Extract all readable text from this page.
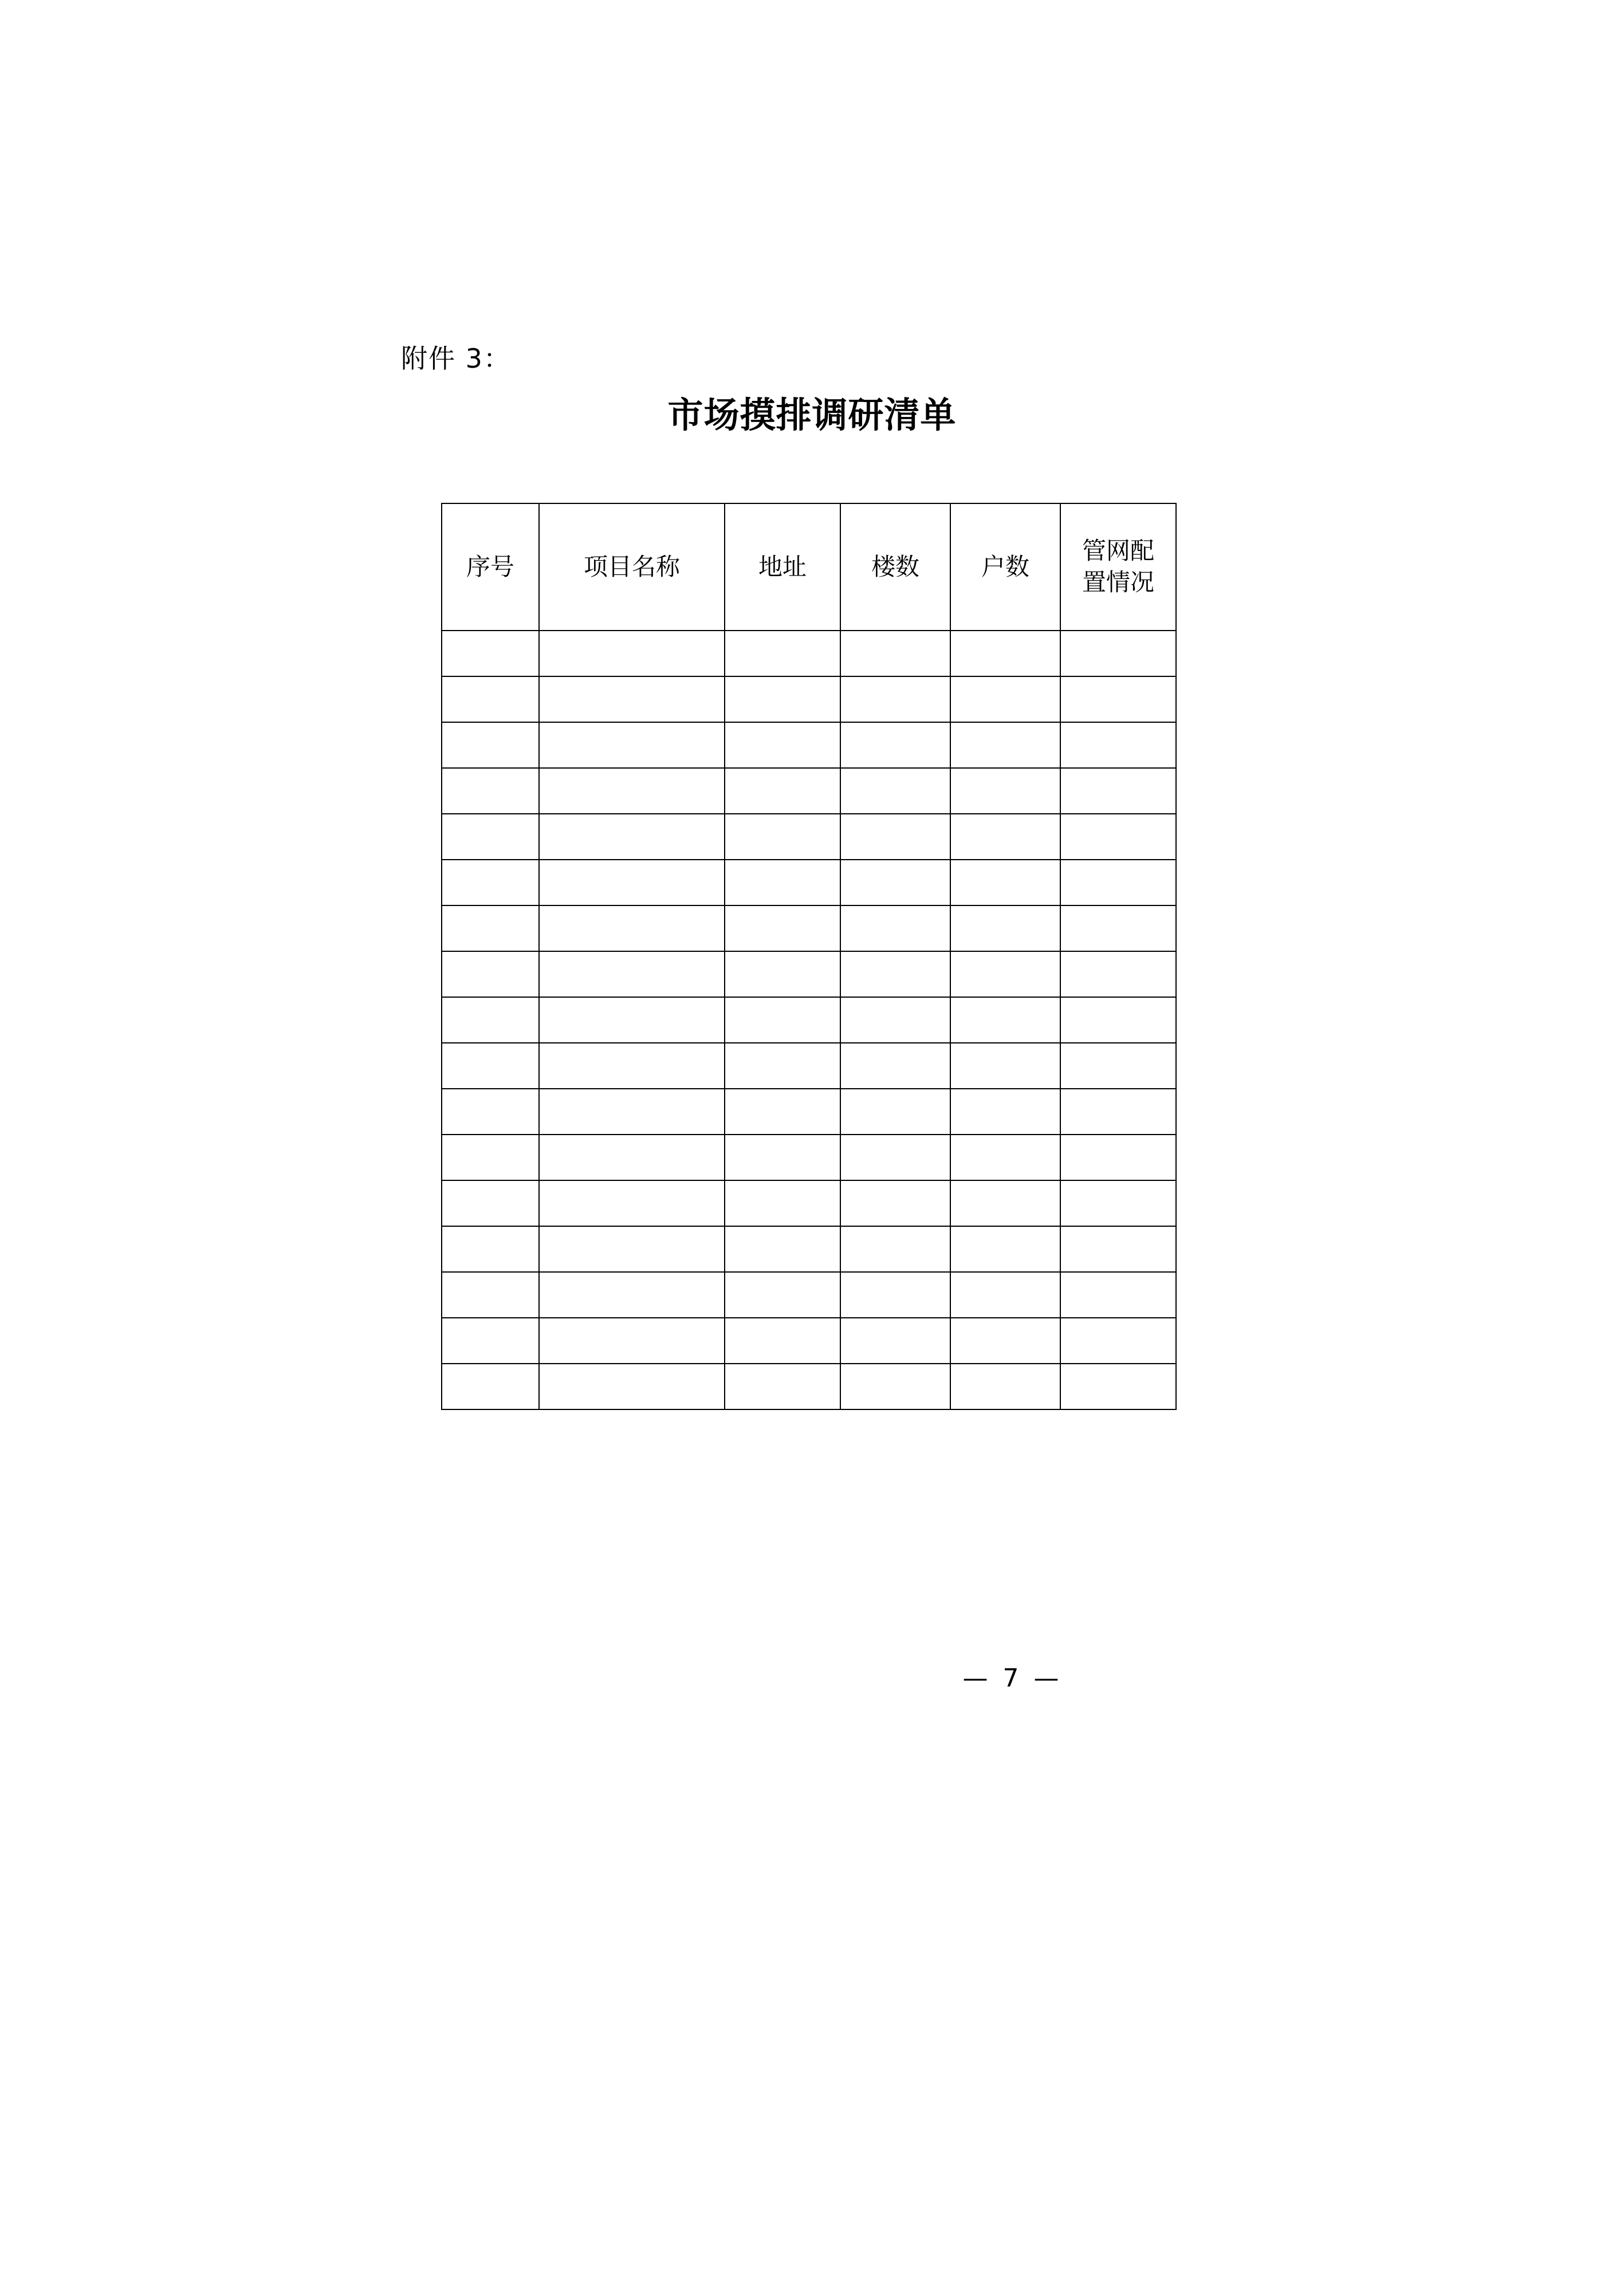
附件 3：
市场摸排调研清单
序号	项目名称	地址	楼数	户数	管网配
置情况

— 7 —
